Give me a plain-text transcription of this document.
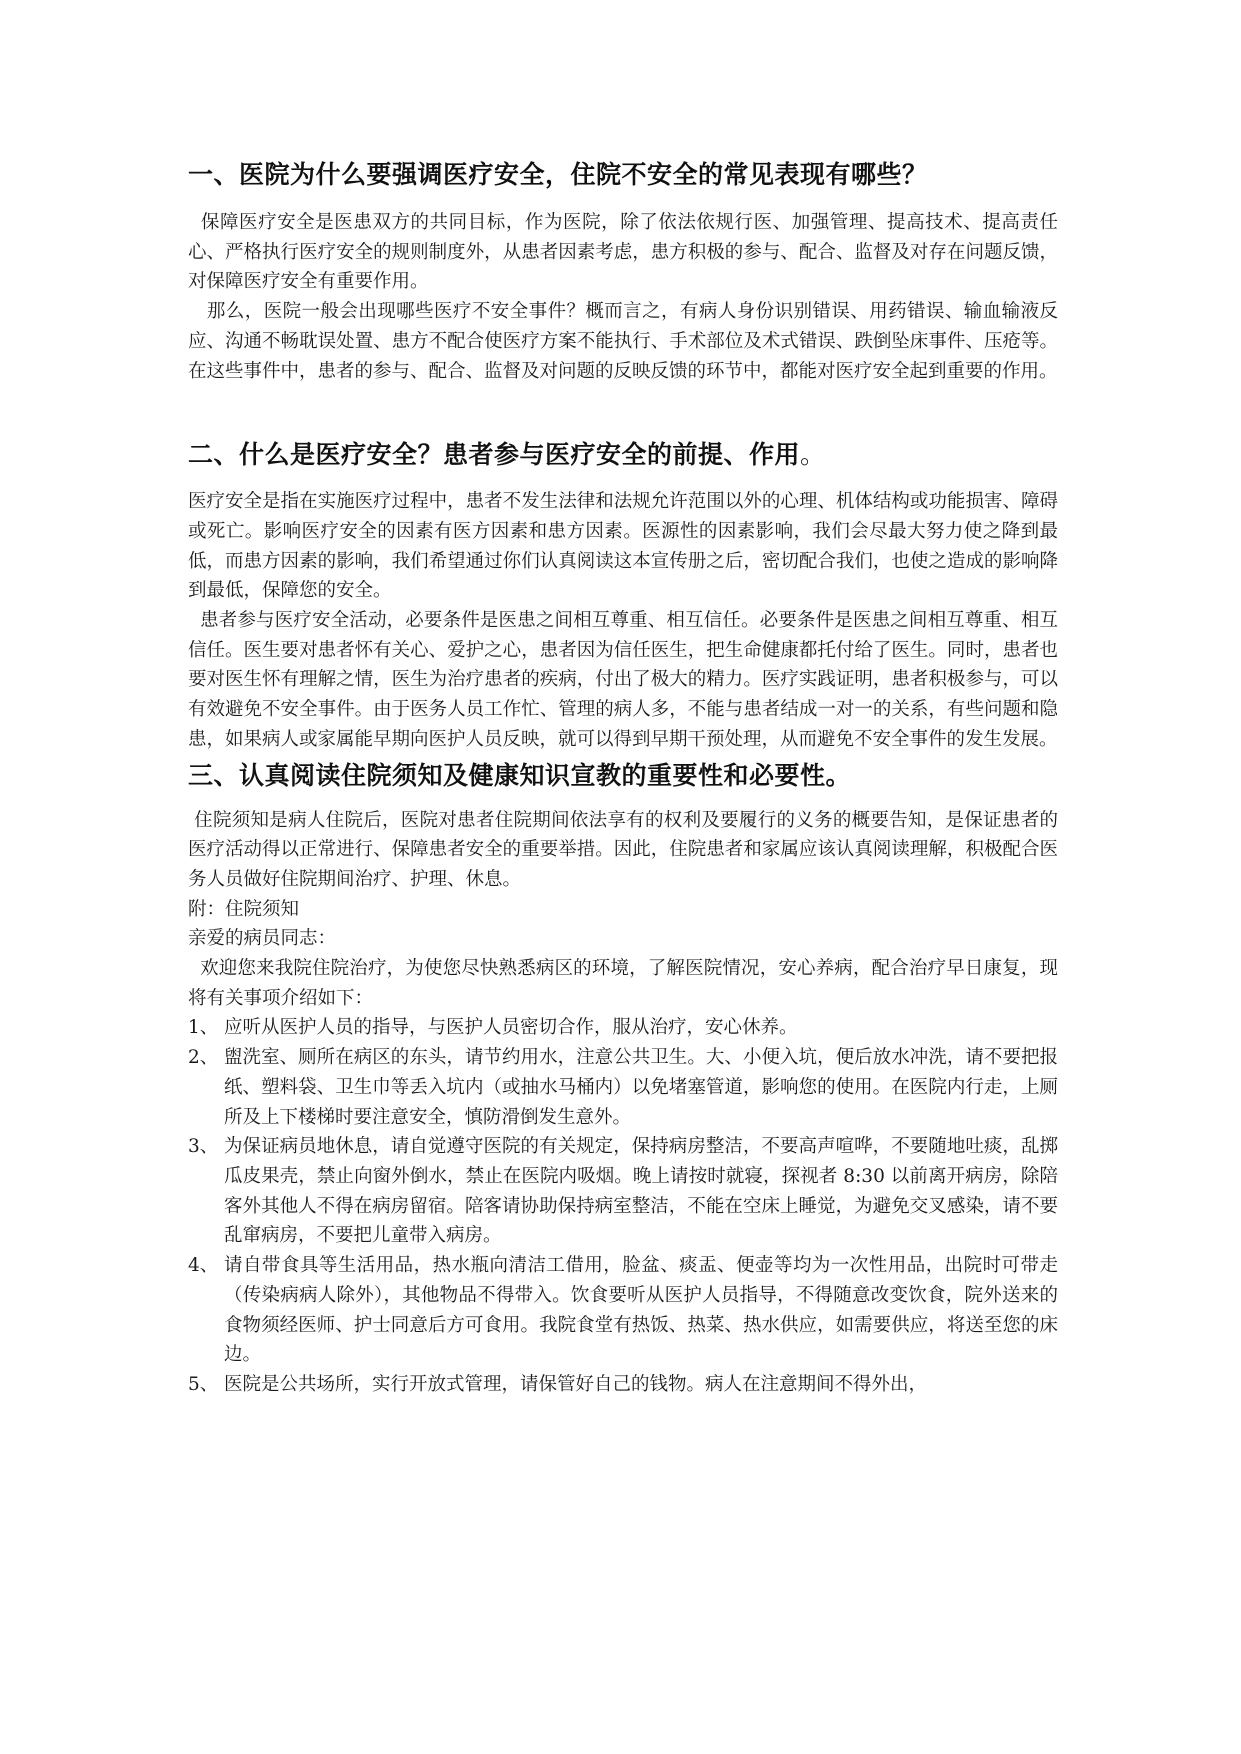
一、医院为什么要强调医疗安全，住院不安全的常见表现有哪些？

保障医疗安全是医患双方的共同目标，作为医院，除了依法依规行医、加强管理、提高技术、提高责任心、严格执行医疗安全的规则制度外，从患者因素考虑，患方积极的参与、配合、监督及对存在问题反馈，对保障医疗安全有重要作用。

那么，医院一般会出现哪些医疗不安全事件？概而言之，有病人身份识别错误、用药错误、输血输液反应、沟通不畅耽误处置、患方不配合使医疗方案不能执行、手术部位及术式错误、跌倒坠床事件、压疮等。在这些事件中，患者的参与、配合、监督及对问题的反映反馈的环节中，都能对医疗安全起到重要的作用。

二、什么是医疗安全？患者参与医疗安全的前提、作用。

医疗安全是指在实施医疗过程中，患者不发生法律和法规允许范围以外的心理、机体结构或功能损害、障碍或死亡。影响医疗安全的因素有医方因素和患方因素。医源性的因素影响，我们会尽最大努力使之降到最低，而患方因素的影响，我们希望通过你们认真阅读这本宣传册之后，密切配合我们，也使之造成的影响降到最低，保障您的安全。

患者参与医疗安全活动，必要条件是医患之间相互尊重、相互信任。必要条件是医患之间相互尊重、相互信任。医生要对患者怀有关心、爱护之心，患者因为信任医生，把生命健康都托付给了医生。同时，患者也要对医生怀有理解之情，医生为治疗患者的疾病，付出了极大的精力。医疗实践证明，患者积极参与，可以有效避免不安全事件。由于医务人员工作忙、管理的病人多，不能与患者结成一对一的关系，有些问题和隐患，如果病人或家属能早期向医护人员反映，就可以得到早期干预处理，从而避免不安全事件的发生发展。

三、认真阅读住院须知及健康知识宣教的重要性和必要性。

住院须知是病人住院后，医院对患者住院期间依法享有的权利及要履行的义务的概要告知，是保证患者的医疗活动得以正常进行、保障患者安全的重要举措。因此，住院患者和家属应该认真阅读理解，积极配合医务人员做好住院期间治疗、护理、休息。

附：住院须知

亲爱的病员同志：

欢迎您来我院住院治疗，为使您尽快熟悉病区的环境，了解医院情况，安心养病，配合治疗早日康复，现将有关事项介绍如下：

1、 应听从医护人员的指导，与医护人员密切合作，服从治疗，安心休养。
2、 盥洗室、厕所在病区的东头，请节约用水，注意公共卫生。大、小便入坑，便后放水冲洗，请不要把报纸、塑料袋、卫生巾等丢入坑内（或抽水马桶内）以免堵塞管道，影响您的使用。在医院内行走，上厕所及上下楼梯时要注意安全，慎防滑倒发生意外。
3、 为保证病员地休息，请自觉遵守医院的有关规定，保持病房整洁，不要高声喧哗，不要随地吐痰，乱掷瓜皮果壳，禁止向窗外倒水，禁止在医院内吸烟。晚上请按时就寝，探视者 8:30 以前离开病房，除陪客外其他人不得在病房留宿。陪客请协助保持病室整洁，不能在空床上睡觉，为避免交叉感染，请不要乱窜病房，不要把儿童带入病房。
4、 请自带食具等生活用品，热水瓶向清洁工借用，脸盆、痰盂、便壶等均为一次性用品，出院时可带走（传染病病人除外），其他物品不得带入。饮食要听从医护人员指导，不得随意改变饮食，院外送来的食物须经医师、护士同意后方可食用。我院食堂有热饭、热菜、热水供应，如需要供应，将送至您的床边。
5、 医院是公共场所，实行开放式管理，请保管好自己的钱物。病人在注意期间不得外出，
